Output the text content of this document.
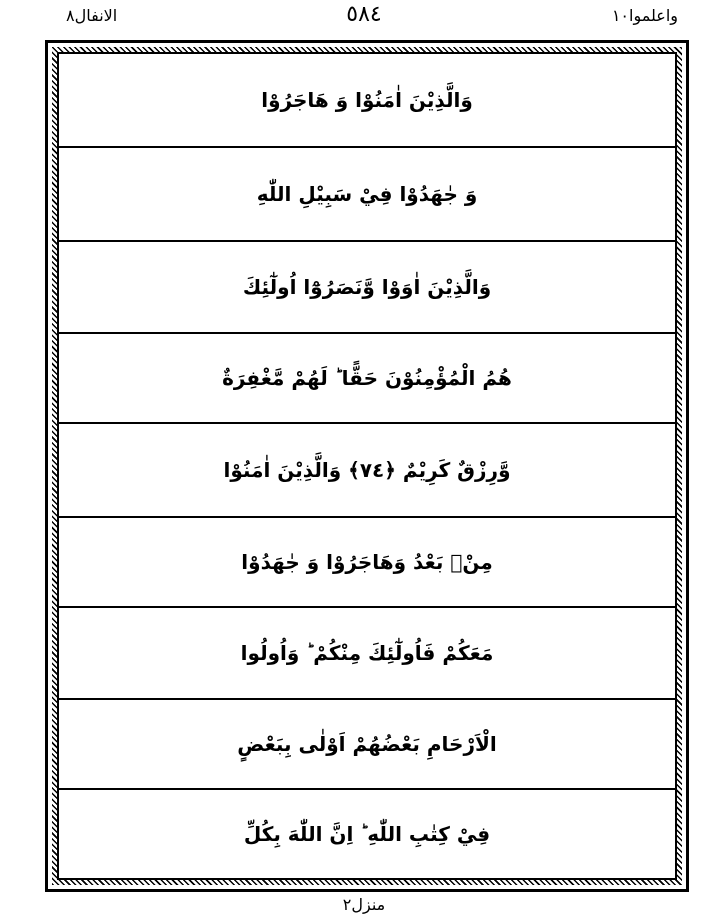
واعلموا١٠
٥٨٤
الانفال٨
وَالَّذِيْنَ اٰمَنُوْا وَ هَاجَرُوْا
وَ جٰهَدُوْا فِيْ سَبِيْلِ اللّٰهِ
وَالَّذِيْنَ اٰوَوْا وَّنَصَرُوْٓا اُولٰٓئِكَ
هُمُ الْمُؤْمِنُوْنَ حَقًّا ؕ لَهُمْ مَّغْفِرَةٌ
وَّرِزْقٌ كَرِيْمٌ ﴿٧٤﴾ وَالَّذِيْنَ اٰمَنُوْا
مِنْۢ بَعْدُ وَهَاجَرُوْا وَ جٰهَدُوْا
مَعَكُمْ فَاُولٰٓئِكَ مِنْكُمْ ؕ وَاُولُوا
الْاَرْحَامِ بَعْضُهُمْ اَوْلٰى بِبَعْضٍ
فِيْ كِتٰبِ اللّٰهِ ؕ اِنَّ اللّٰهَ بِكُلِّ
منزل٢
